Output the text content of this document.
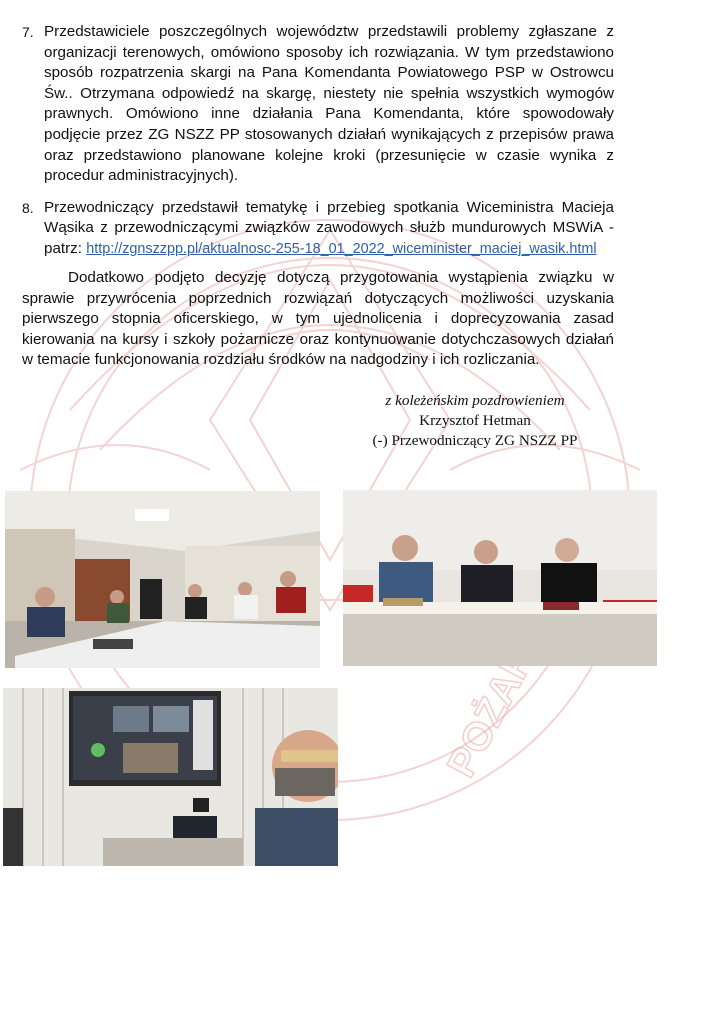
7. Przedstawiciele poszczególnych województw przedstawili problemy zgłaszane z organizacji terenowych, omówiono sposoby ich rozwiązania. W tym przedstawiono sposób rozpatrzenia skargi na Pana Komendanta Powiatowego PSP w Ostrowcu Św.. Otrzymana odpowiedź na skargę, niestety nie spełnia wszystkich wymogów prawnych. Omówiono inne działania Pana Komendanta, które spowodowały podjęcie przez ZG NSZZ PP stosowanych działań wynikających z przepisów prawa oraz przedstawiono planowane kolejne kroki (przesunięcie w czasie wynika z procedur administracyjnych).
8. Przewodniczący przedstawił tematykę i przebieg spotkania Wiceministra Macieja Wąsika z przewodniczącymi związków zawodowych służb mundurowych MSWiA - patrz: http://zgnszzpp.pl/aktualnosc-255-18_01_2022_wiceminister_maciej_wasik.html

Dodatkowo podjęto decyzję dotyczą przygotowania wystąpienia związku w sprawie przywrócenia poprzednich rozwiązań dotyczących możliwości uzyskania pierwszego stopnia oficerskiego, w tym ujednolicenia i doprecyzowania zasad kierowania na kursy i szkoły pożarnicze oraz kontynuowanie dotychczasowych działań w temacie funkcjonowania rozdziału środków na nadgodziny i ich rozliczania.

z koleżeńskim pozdrowieniem
Krzysztof Hetman
(-) Przewodniczący ZG NSZZ PP
